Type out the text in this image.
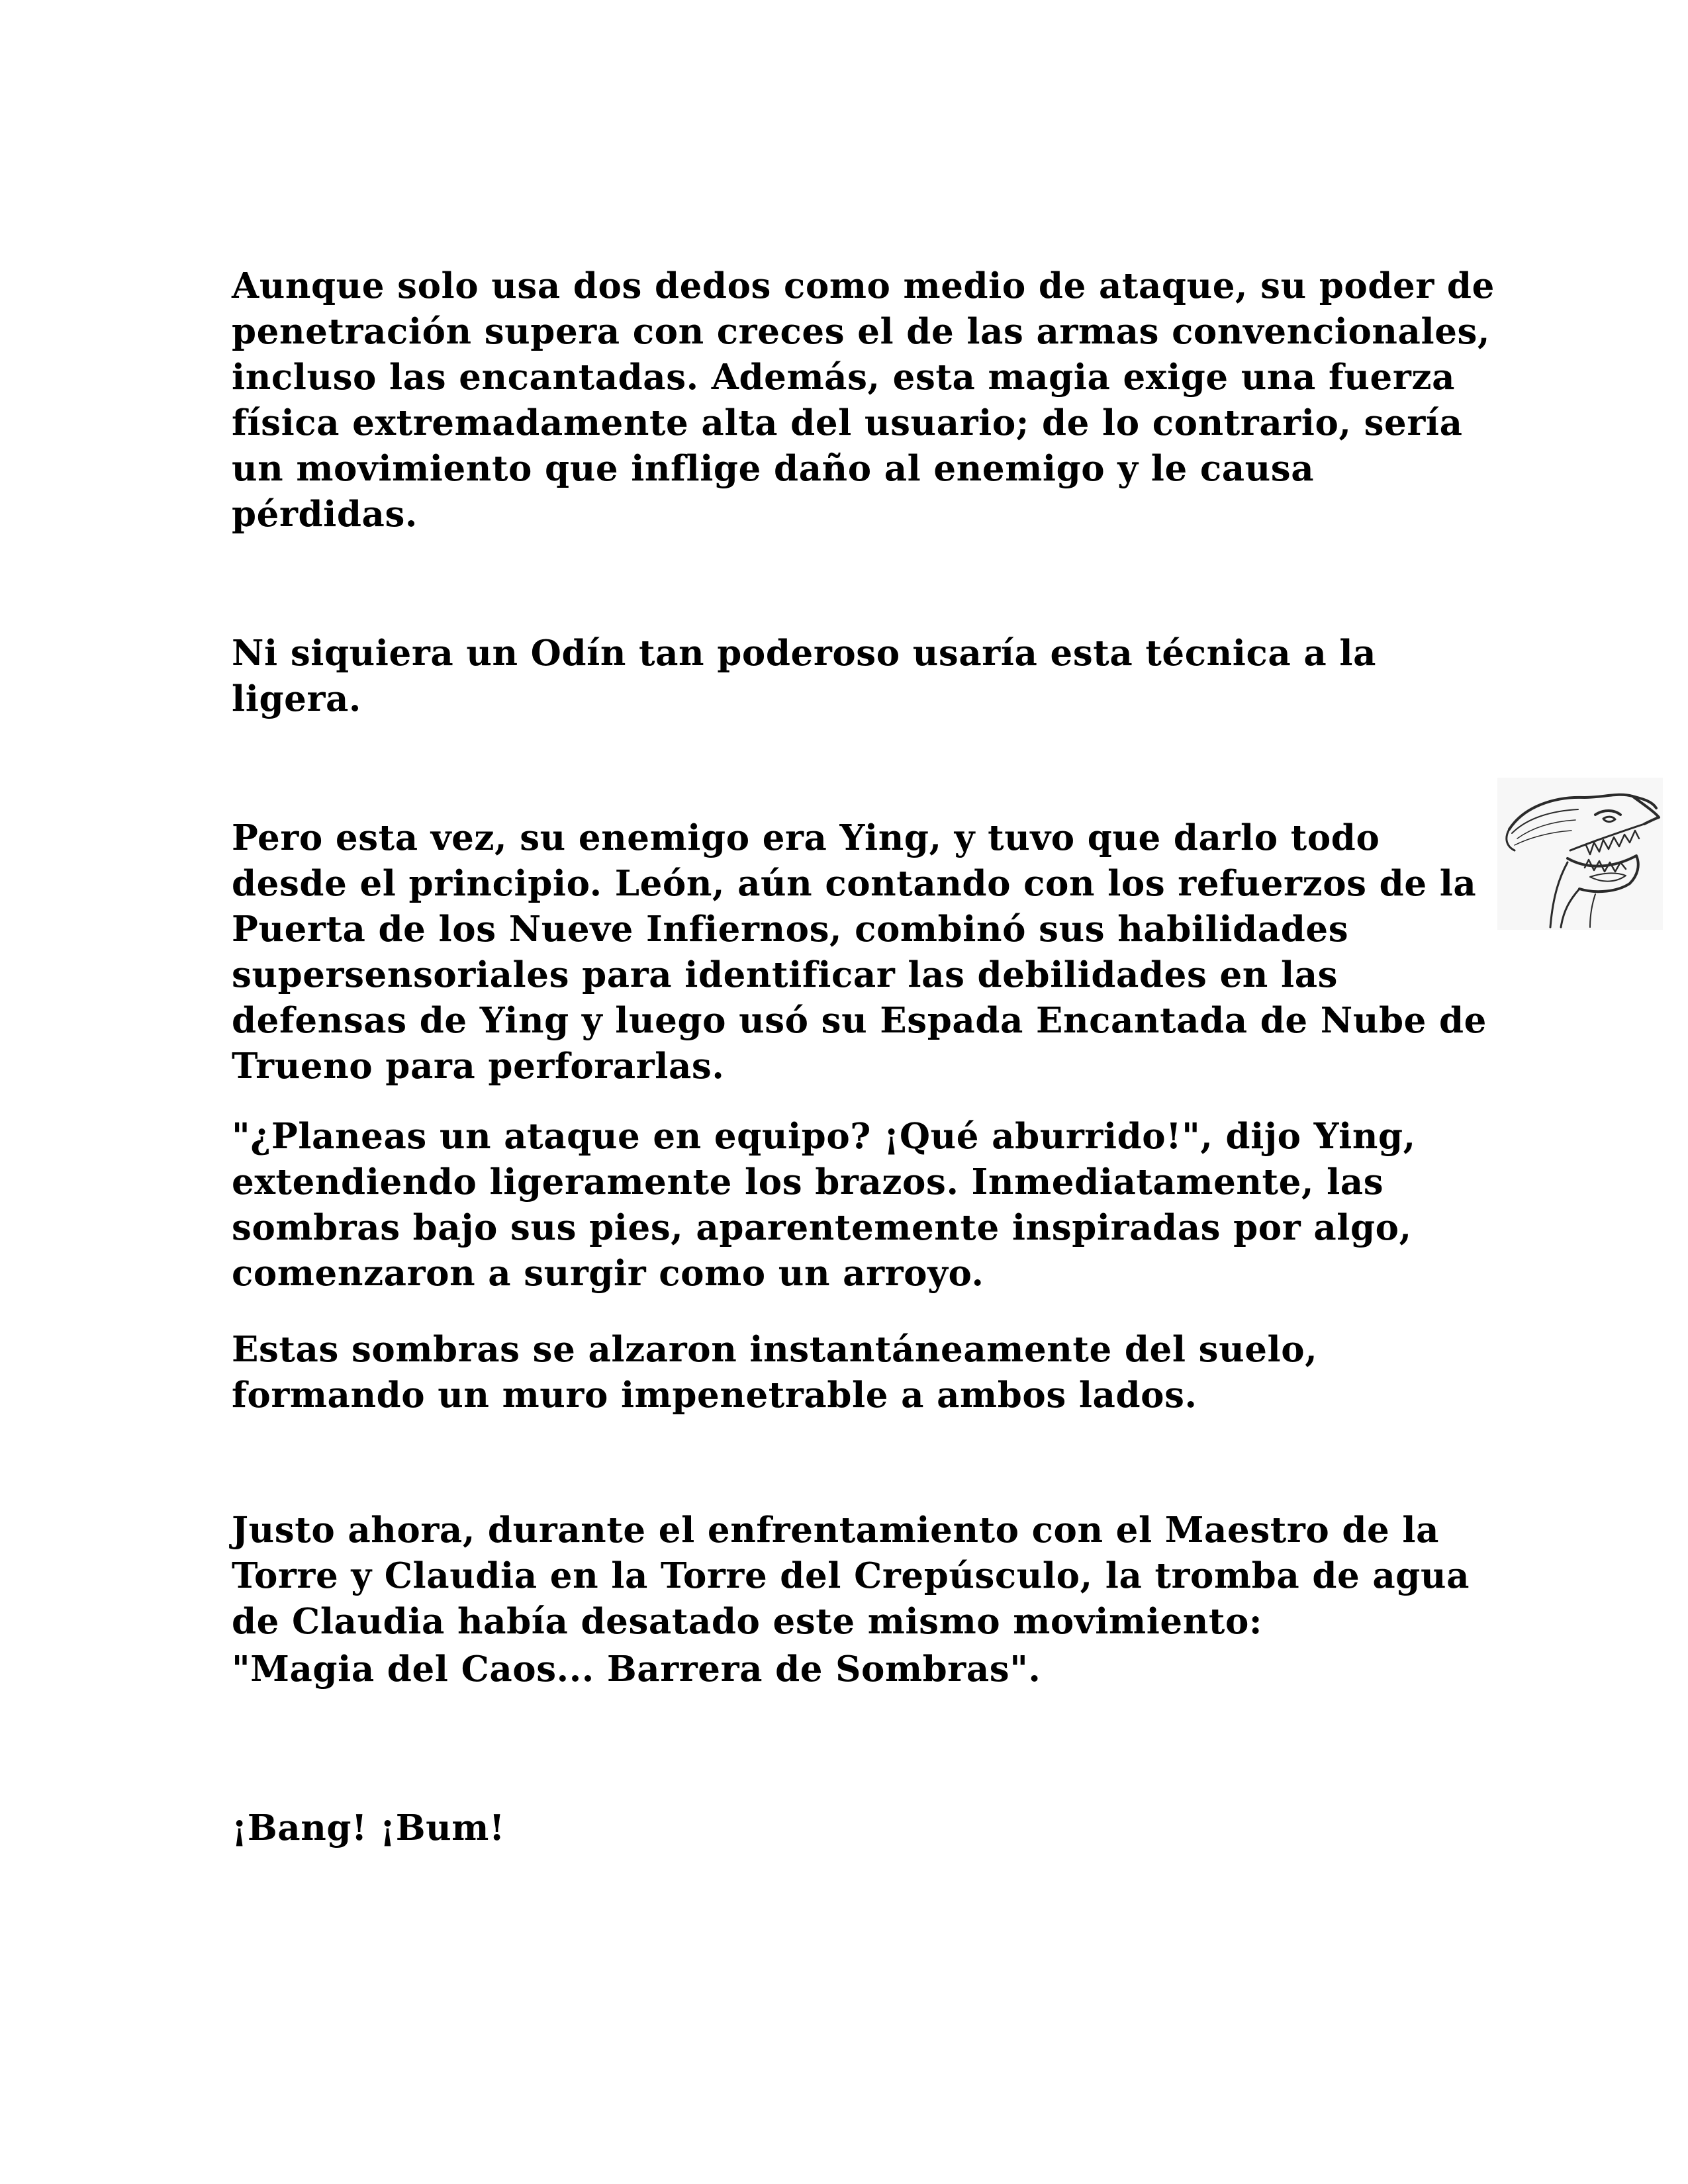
Aunque solo usa dos dedos como medio de ataque, su poder de
penetración supera con creces el de las armas convencionales,
incluso las encantadas. Además, esta magia exige una fuerza
física extremadamente alta del usuario; de lo contrario, sería
un movimiento que inflige daño al enemigo y le causa
pérdidas.

Ni siquiera un Odín tan poderoso usaría esta técnica a la
ligera.

Pero esta vez, su enemigo era Ying, y tuvo que darlo todo
desde el principio. León, aún contando con los refuerzos de la
Puerta de los Nueve Infiernos, combinó sus habilidades
supersensoriales para identificar las debilidades en las
defensas de Ying y luego usó su Espada Encantada de Nube de
Trueno para perforarlas.

"¿Planeas un ataque en equipo? ¡Qué aburrido!", dijo Ying,
extendiendo ligeramente los brazos. Inmediatamente, las
sombras bajo sus pies, aparentemente inspiradas por algo,
comenzaron a surgir como un arroyo.

Estas sombras se alzaron instantáneamente del suelo,
formando un muro impenetrable a ambos lados.

Justo ahora, durante el enfrentamiento con el Maestro de la
Torre y Claudia en la Torre del Crepúsculo, la tromba de agua
de Claudia había desatado este mismo movimiento:

"Magia del Caos... Barrera de Sombras".

¡Bang! ¡Bum!
